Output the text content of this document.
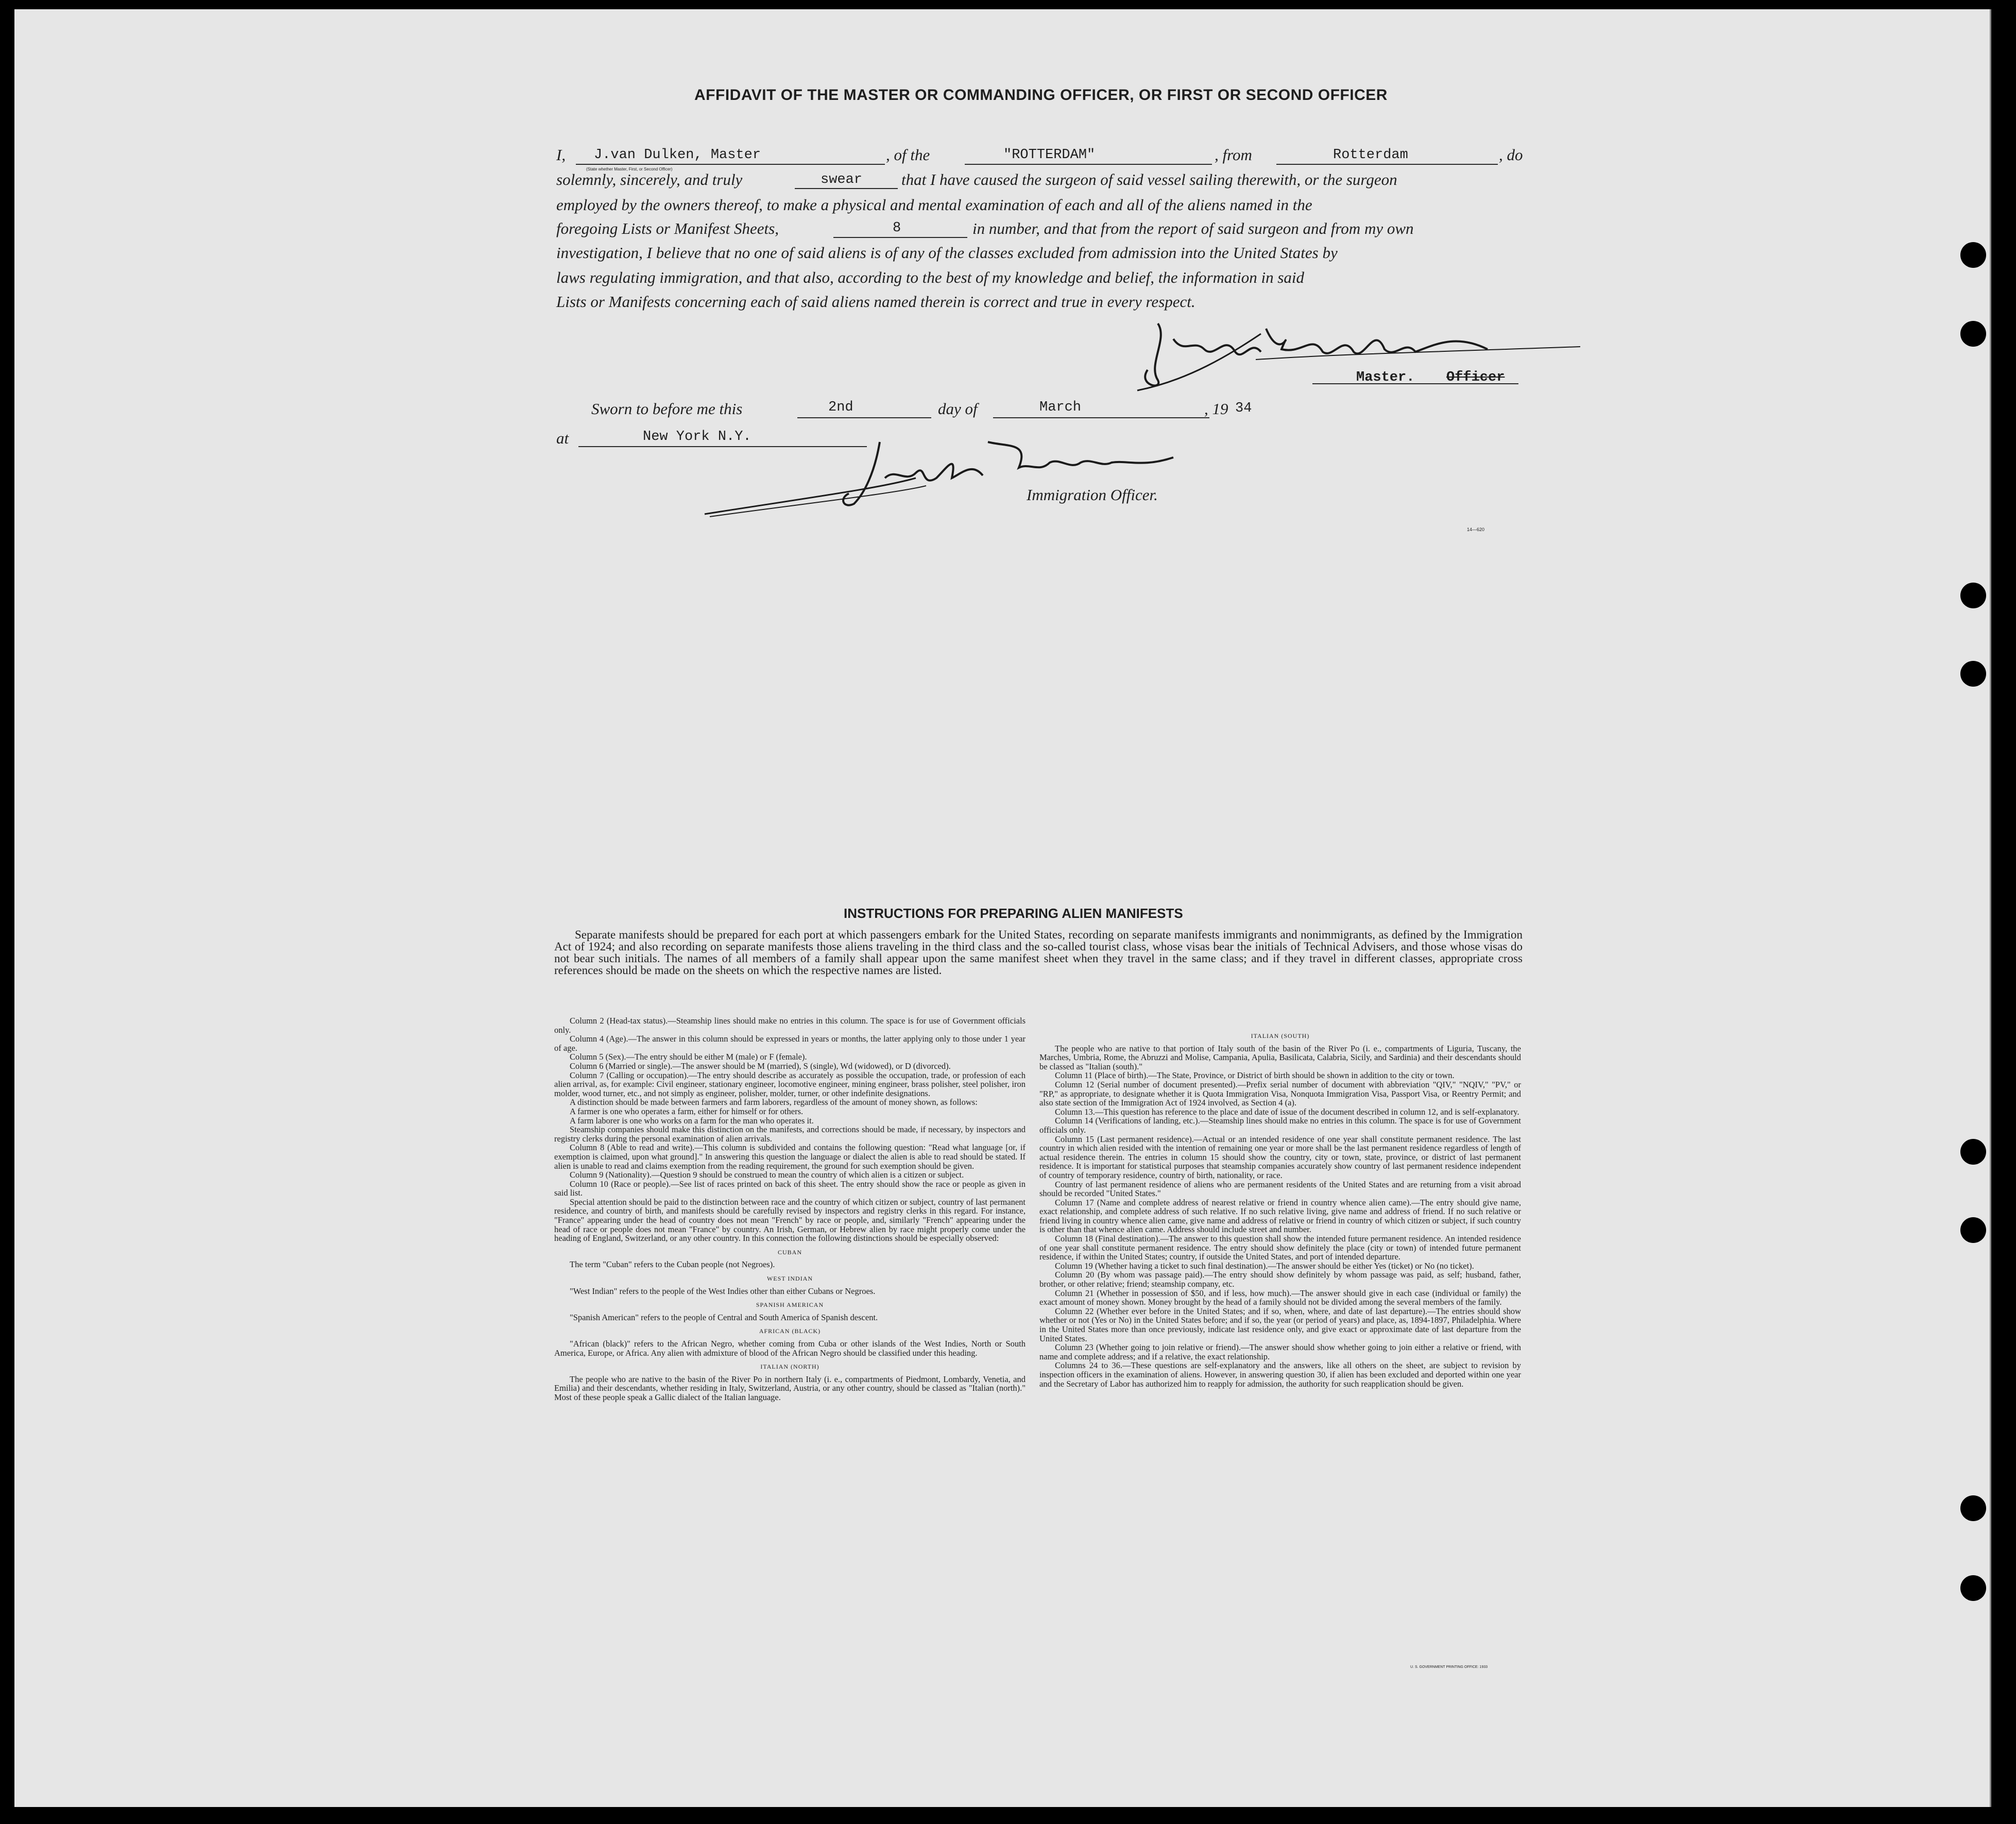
AFFIDAVIT OF THE MASTER OR COMMANDING OFFICER, OR FIRST OR SECOND OFFICER
I, J.van Dulken, Master
(State whether Master, First, or Second Officer)
, of the	"ROTTERDAM"	, from	Rotterdam	, do
solemnly, sincerely, and truly	swear that I have caused the surgeon of said vessel sailing therewith, or the surgeon
employed by the owners thereof, to make a physical and mental examination of each and all of the aliens named in the
foregoing Lists or Manifest Sheets,	8	in number, and that from the report of said surgeon and from my own
investigation, I believe that no one of said aliens is of any of the classes excluded from admission into the United States by
laws regulating immigration, and that also, according to the best of my knowledge and belief, the information in said
Lists or Manifests concerning each of said aliens named therein is correct and true in every respect.
Master. Officer
Sworn to before me this	2nd	day of	March	, 19 34
at	New York N.Y.
Immigration Officer.
14—620
INSTRUCTIONS FOR PREPARING ALIEN MANIFESTS
Separate manifests should be prepared for each port at which passengers embark for the United States, recording on separate manifests immigrants and nonimmigrants, as defined by the Immigration Act of 1924; and also recording on separate manifests those aliens traveling in the third class and the so-called tourist class, whose visas bear the initials of Technical Advisers, and those whose visas do not bear such initials. The names of all members of a family shall appear upon the same manifest sheet when they travel in the same class; and if they travel in different classes, appropriate cross references should be made on the sheets on which the respective names are listed.

Column 2 (Head-tax status).—Steamship lines should make no entries in this column. The space is for use of Government officials only.

Column 4 (Age).—The answer in this column should be expressed in years or months, the latter applying only to those under 1 year of age.

Column 5 (Sex).—The entry should be either M (male) or F (female).

Column 6 (Married or single).—The answer should be M (married), S (single), Wd (widowed), or D (divorced).

Column 7 (Calling or occupation).—The entry should describe as accurately as possible the occupation, trade, or profession of each alien arrival, as, for example: Civil engineer, stationary engineer, locomotive engineer, mining engineer, brass polisher, steel polisher, iron molder, wood turner, etc., and not simply as engineer, polisher, molder, turner, or other indefinite designations.

A distinction should be made between farmers and farm laborers, regardless of the amount of money shown, as follows:

A farmer is one who operates a farm, either for himself or for others.

A farm laborer is one who works on a farm for the man who operates it.

Steamship companies should make this distinction on the manifests, and corrections should be made, if necessary, by inspectors and registry clerks during the personal examination of alien arrivals.

Column 8 (Able to read and write).—This column is subdivided and contains the following question: "Read what language [or, if exemption is claimed, upon what ground]." In answering this question the language or dialect the alien is able to read should be stated. If alien is unable to read and claims exemption from the reading requirement, the ground for such exemption should be given.

Column 9 (Nationality).—Question 9 should be construed to mean the country of which alien is a citizen or subject.

Column 10 (Race or people).—See list of races printed on back of this sheet. The entry should show the race or people as given in said list.

Special attention should be paid to the distinction between race and the country of which citizen or subject, country of last permanent residence, and country of birth, and manifests should be carefully revised by inspectors and registry clerks in this regard. For instance, "France" appearing under the head of country does not mean "French" by race or people, and, similarly "French" appearing under the head of race or people does not mean "France" by country. An Irish, German, or Hebrew alien by race might properly come under the heading of England, Switzerland, or any other country. In this connection the following distinctions should be especially observed:

CUBAN

The term "Cuban" refers to the Cuban people (not Negroes).

WEST INDIAN

"West Indian" refers to the people of the West Indies other than either Cubans or Negroes.

SPANISH AMERICAN

"Spanish American" refers to the people of Central and South America of Spanish descent.

AFRICAN (BLACK)

"African (black)" refers to the African Negro, whether coming from Cuba or other islands of the West Indies, North or South America, Europe, or Africa. Any alien with admixture of blood of the African Negro should be classified under this heading.

ITALIAN (NORTH)

The people who are native to the basin of the River Po in northern Italy (i. e., compartments of Piedmont, Lombardy, Venetia, and Emilia) and their descendants, whether residing in Italy, Switzerland, Austria, or any other country, should be classed as "Italian (north)." Most of these people speak a Gallic dialect of the Italian language.

ITALIAN (SOUTH)

The people who are native to that portion of Italy south of the basin of the River Po (i. e., compartments of Liguria, Tuscany, the Marches, Umbria, Rome, the Abruzzi and Molise, Campania, Apulia, Basilicata, Calabria, Sicily, and Sardinia) and their descendants should be classed as "Italian (south)."

Column 11 (Place of birth).—The State, Province, or District of birth should be shown in addition to the city or town.

Column 12 (Serial number of document presented).—Prefix serial number of document with abbreviation "QIV," "NQIV," "PV," or "RP," as appropriate, to designate whether it is Quota Immigration Visa, Nonquota Immigration Visa, Passport Visa, or Reentry Permit; and also state section of the Immigration Act of 1924 involved, as Section 4 (a).

Column 13.—This question has reference to the place and date of issue of the document described in column 12, and is self-explanatory.

Column 14 (Verifications of landing, etc.).—Steamship lines should make no entries in this column. The space is for use of Government officials only.

Column 15 (Last permanent residence).—Actual or an intended residence of one year shall constitute permanent residence. The last country in which alien resided with the intention of remaining one year or more shall be the last permanent residence regardless of length of actual residence therein. The entries in column 15 should show the country, city or town, state, province, or district of last permanent residence. It is important for statistical purposes that steamship companies accurately show country of last permanent residence independent of country of temporary residence, country of birth, nationality, or race.

Country of last permanent residence of aliens who are permanent residents of the United States and are returning from a visit abroad should be recorded "United States."

Column 17 (Name and complete address of nearest relative or friend in country whence alien came).—The entry should give name, exact relationship, and complete address of such relative. If no such relative living, give name and address of friend. If no such relative or friend living in country whence alien came, give name and address of relative or friend in country of which citizen or subject, if such country is other than that whence alien came. Address should include street and number.

Column 18 (Final destination).—The answer to this question shall show the intended future permanent residence. An intended residence of one year shall constitute permanent residence. The entry should show definitely the place (city or town) of intended future permanent residence, if within the United States; country, if outside the United States, and port of intended departure.

Column 19 (Whether having a ticket to such final destination).—The answer should be either Yes (ticket) or No (no ticket).

Column 20 (By whom was passage paid).—The entry should show definitely by whom passage was paid, as self; husband, father, brother, or other relative; friend; steamship company, etc.

Column 21 (Whether in possession of $50, and if less, how much).—The answer should give in each case (individual or family) the exact amount of money shown. Money brought by the head of a family should not be divided among the several members of the family.

Column 22 (Whether ever before in the United States; and if so, when, where, and date of last departure).—The entries should show whether or not (Yes or No) in the United States before; and if so, the year (or period of years) and place, as, 1894-1897, Philadelphia. Where in the United States more than once previously, indicate last residence only, and give exact or approximate date of last departure from the United States.

Column 23 (Whether going to join relative or friend).—The answer should show whether going to join either a relative or friend, with name and complete address; and if a relative, the exact relationship.

Columns 24 to 36.—These questions are self-explanatory and the answers, like all others on the sheet, are subject to revision by inspection officers in the examination of aliens. However, in answering question 30, if alien has been excluded and deported within one year and the Secretary of Labor has authorized him to reapply for admission, the authority for such reapplication should be given.

U. S. GOVERNMENT PRINTING OFFICE: 1933
